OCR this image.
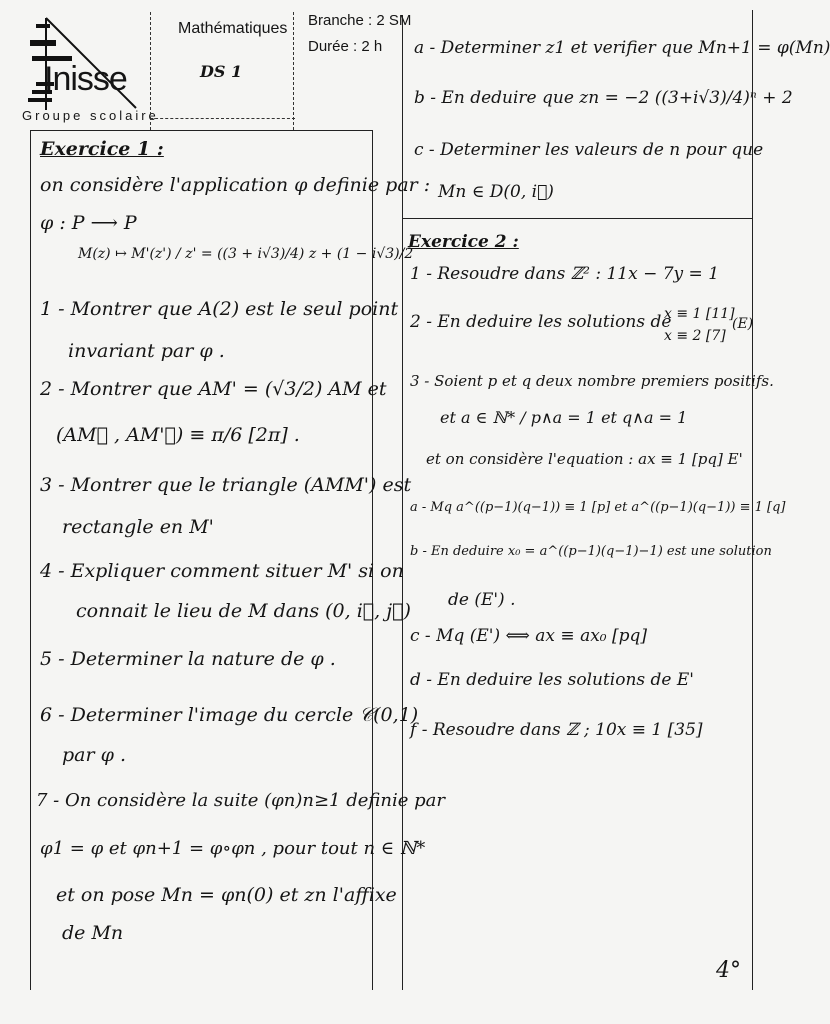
Inisse
Groupe scolaire
Mathématiques
DS 1
Branche : 2 SM
Durée : 2 h
Exercice 1 :
on considère l'application φ definie par :
φ : P ⟶ P
M(z) ↦ M'(z') / z' = ((3 + i√3)/4) z + (1 − i√3)/2
1 - Montrer que A(2) est le seul point
invariant par φ .
2 - Montrer que AM' = (√3/2) AM et
(AM⃗ , AM'⃗) ≡ π/6 [2π] .
3 - Montrer que le triangle (AMM') est
rectangle en M'
4 - Expliquer comment situer M' si on
connait le lieu de M dans (0, i⃗, j⃗)
5 - Determiner la nature de φ .
6 - Determiner l'image du cercle 𝒞(0,1)
par φ .
7 - On considère la suite (φn)n≥1 definie par
φ1 = φ et φn+1 = φ∘φn , pour tout n ∈ ℕ*
et on pose Mn = φn(0) et zn l'affixe
de Mn
a - Determiner z1 et verifier que Mn+1 = φ(Mn)
b - En deduire que zn = −2 ((3+i√3)/4)ⁿ + 2
c - Determiner les valeurs de n pour que
Mn ∈ D(0, i⃗)
Exercice 2 :
1 - Resoudre dans ℤ² : 11x − 7y = 1
2 - En deduire les solutions de
x ≡ 1 [11]
x ≡ 2 [7]
(E)
3 - Soient p et q deux nombre premiers positifs.
et a ∈ ℕ* / p∧a = 1 et q∧a = 1
et on considère l'equation : ax ≡ 1 [pq] E'
a - Mq a^((p−1)(q−1)) ≡ 1 [p] et a^((p−1)(q−1)) ≡ 1 [q]
b - En deduire x₀ = a^((p−1)(q−1)−1) est une solution
de (E') .
c - Mq (E') ⟺ ax ≡ ax₀ [pq]
d - En deduire les solutions de E'
f - Resoudre dans ℤ ; 10x ≡ 1 [35]
4°
